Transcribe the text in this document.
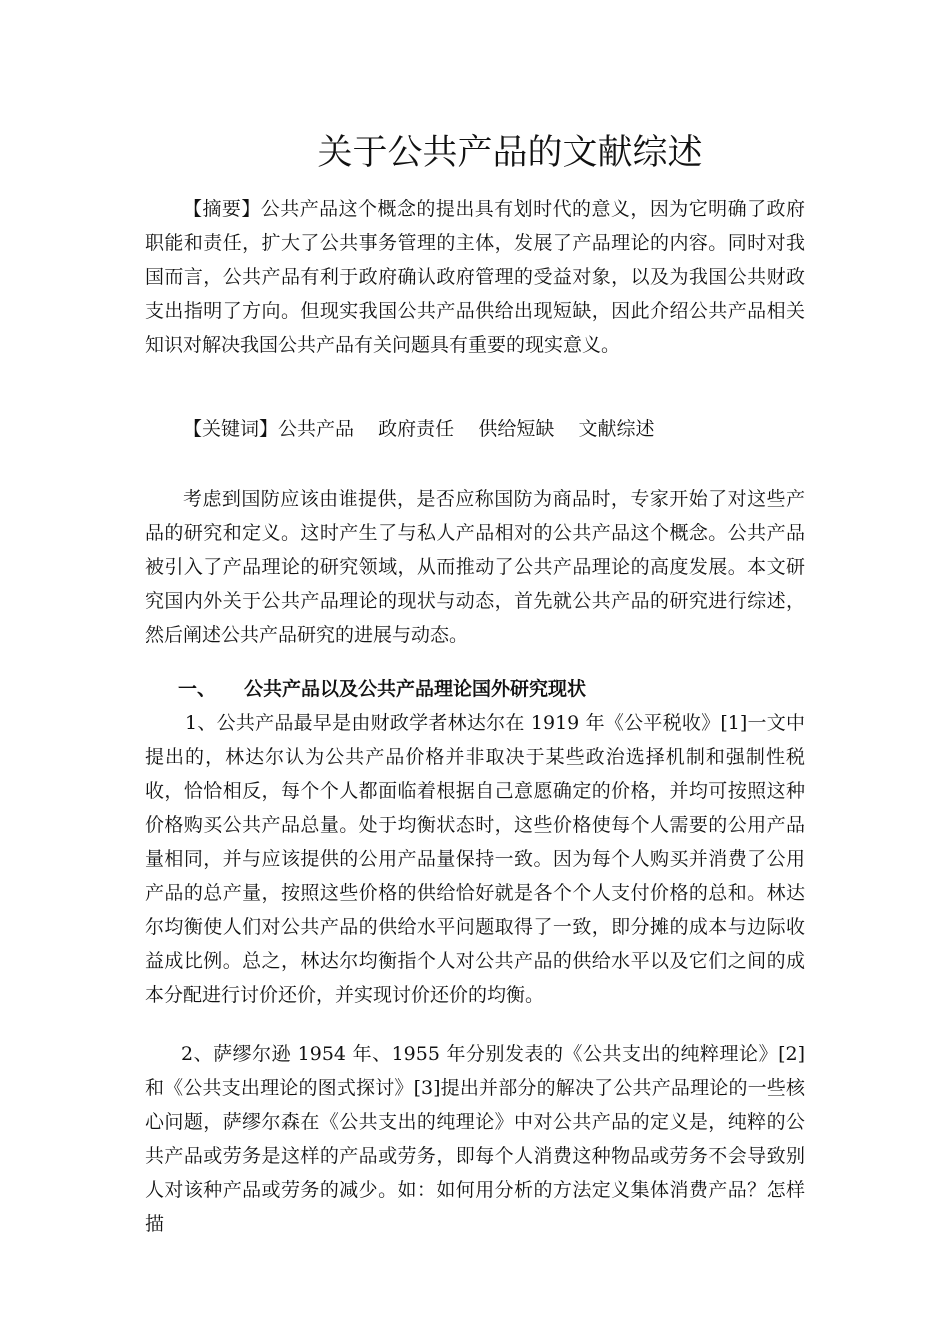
关于公共产品的文献综述

【摘要】公共产品这个概念的提出具有划时代的意义，因为它明确了政府职能和责任，扩大了公共事务管理的主体，发展了产品理论的内容。同时对我国而言，公共产品有利于政府确认政府管理的受益对象，以及为我国公共财政支出指明了方向。但现实我国公共产品供给出现短缺，因此介绍公共产品相关知识对解决我国公共产品有关问题具有重要的现实意义。

【关键词】公共产品    政府责任    供给短缺    文献综述

考虑到国防应该由谁提供，是否应称国防为商品时，专家开始了对这些产品的研究和定义。这时产生了与私人产品相对的公共产品这个概念。公共产品被引入了产品理论的研究领域，从而推动了公共产品理论的高度发展。本文研究国内外关于公共产品理论的现状与动态，首先就公共产品的研究进行综述，然后阐述公共产品研究的进展与动态。

一、 公共产品以及公共产品理论国外研究现状

1、公共产品最早是由财政学者林达尔在 1919 年《公平税收》[1]一文中提出的，林达尔认为公共产品价格并非取决于某些政治选择机制和强制性税收，恰恰相反，每个个人都面临着根据自己意愿确定的价格，并均可按照这种价格购买公共产品总量。处于均衡状态时，这些价格使每个人需要的公用产品量相同，并与应该提供的公用产品量保持一致。因为每个人购买并消费了公用产品的总产量，按照这些价格的供给恰好就是各个个人支付价格的总和。林达尔均衡使人们对公共产品的供给水平问题取得了一致，即分摊的成本与边际收益成比例。总之，林达尔均衡指个人对公共产品的供给水平以及它们之间的成本分配进行讨价还价，并实现讨价还价的均衡。

2、萨缪尔逊 1954 年、1955 年分别发表的《公共支出的纯粹理论》[2]和《公共支出理论的图式探讨》[3]提出并部分的解决了公共产品理论的一些核心问题，萨缪尔森在《公共支出的纯理论》中对公共产品的定义是，纯粹的公共产品或劳务是这样的产品或劳务，即每个人消费这种物品或劳务不会导致别人对该种产品或劳务的减少。如：如何用分析的方法定义集体消费产品？怎样描
